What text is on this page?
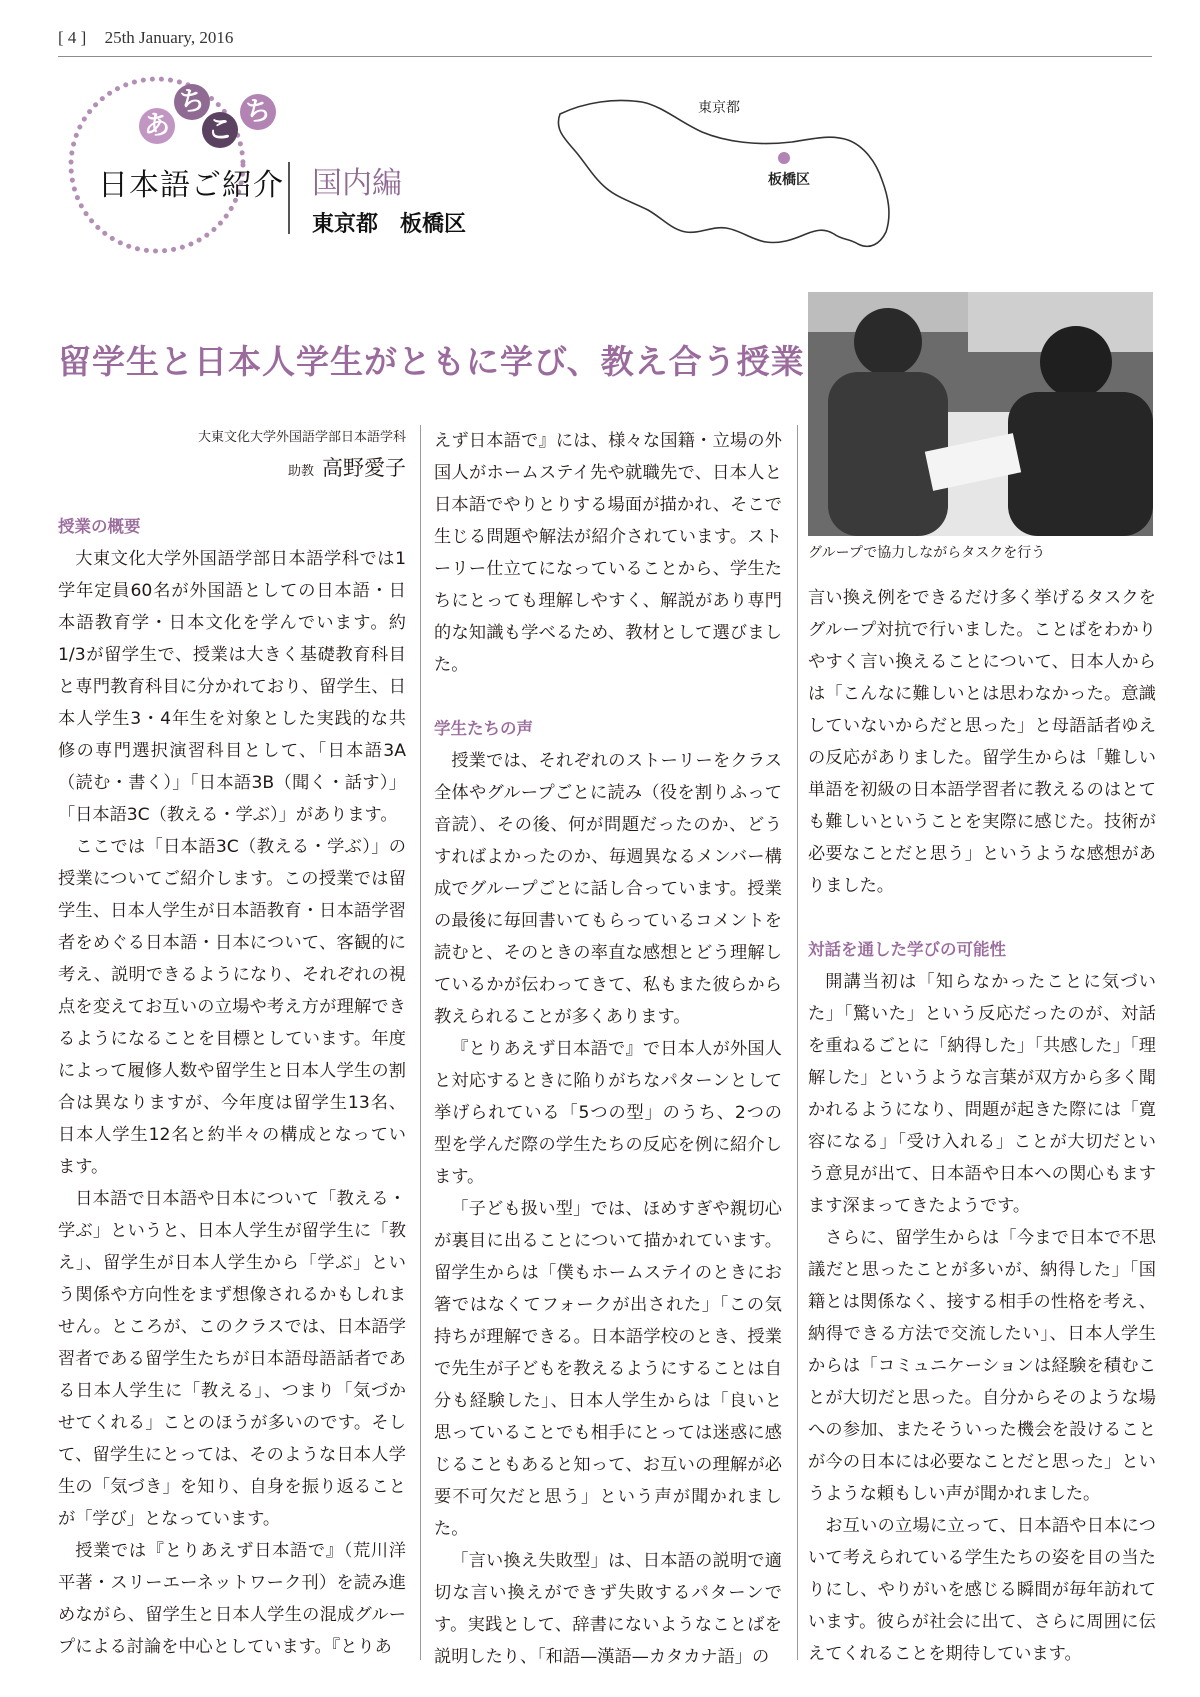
[ 4 ] 25th January, 2016
あ
ち
こ
ち
日本語ご紹介 国内編
東京都　板橋区
東京都
板橋区
留学生と日本人学生がともに学び、教え合う授業
グループで協力しながらタスクを行う
大東文化大学外国語学部日本語学科
助教 高野愛子
授業の概要

大東文化大学外国語学部日本語学科では1学年定員60名が外国語としての日本語・日本語教育学・日本文化を学んでいます。約1/3が留学生で、授業は大きく基礎教育科目と専門教育科目に分かれており、留学生、日本人学生3・4年生を対象とした実践的な共修の専門選択演習科目として、「日本語3A（読む・書く）」「日本語3B（聞く・話す）」「日本語3C（教える・学ぶ）」があります。

ここでは「日本語3C（教える・学ぶ）」の授業についてご紹介します。この授業では留学生、日本人学生が日本語教育・日本語学習者をめぐる日本語・日本について、客観的に考え、説明できるようになり、それぞれの視点を変えてお互いの立場や考え方が理解できるようになることを目標としています。年度によって履修人数や留学生と日本人学生の割合は異なりますが、今年度は留学生13名、日本人学生12名と約半々の構成となっています。

日本語で日本語や日本について「教える・学ぶ」というと、日本人学生が留学生に「教え」、留学生が日本人学生から「学ぶ」という関係や方向性をまず想像されるかもしれません。ところが、このクラスでは、日本語学習者である留学生たちが日本語母語話者である日本人学生に「教える」、つまり「気づかせてくれる」ことのほうが多いのです。そして、留学生にとっては、そのような日本人学生の「気づき」を知り、自身を振り返ることが「学び」となっています。

授業では『とりあえず日本語で』（荒川洋平著・スリーエーネットワーク刊）を読み進めながら、留学生と日本人学生の混成グループによる討論を中心としています。『とりあ

えず日本語で』には、様々な国籍・立場の外国人がホームステイ先や就職先で、日本人と日本語でやりとりする場面が描かれ、そこで生じる問題や解法が紹介されています。ストーリー仕立てになっていることから、学生たちにとっても理解しやすく、解説があり専門的な知識も学べるため、教材として選びました。

学生たちの声

授業では、それぞれのストーリーをクラス全体やグループごとに読み（役を割りふって音読）、その後、何が問題だったのか、どうすればよかったのか、毎週異なるメンバー構成でグループごとに話し合っています。授業の最後に毎回書いてもらっているコメントを読むと、そのときの率直な感想とどう理解しているかが伝わってきて、私もまた彼らから教えられることが多くあります。

『とりあえず日本語で』で日本人が外国人と対応するときに陥りがちなパターンとして挙げられている「5つの型」のうち、2つの型を学んだ際の学生たちの反応を例に紹介します。

「子ども扱い型」では、ほめすぎや親切心が裏目に出ることについて描かれています。留学生からは「僕もホームステイのときにお箸ではなくてフォークが出された」「この気持ちが理解できる。日本語学校のとき、授業で先生が子どもを教えるようにすることは自分も経験した」、日本人学生からは「良いと思っていることでも相手にとっては迷惑に感じることもあると知って、お互いの理解が必要不可欠だと思う」という声が聞かれました。

「言い換え失敗型」は、日本語の説明で適切な言い換えができず失敗するパターンです。実践として、辞書にないようなことばを説明したり、「和語—漢語—カタカナ語」の

言い換え例をできるだけ多く挙げるタスクをグループ対抗で行いました。ことばをわかりやすく言い換えることについて、日本人からは「こんなに難しいとは思わなかった。意識していないからだと思った」と母語話者ゆえの反応がありました。留学生からは「難しい単語を初級の日本語学習者に教えるのはとても難しいということを実際に感じた。技術が必要なことだと思う」というような感想がありました。

対話を通した学びの可能性

開講当初は「知らなかったことに気づいた」「驚いた」という反応だったのが、対話を重ねるごとに「納得した」「共感した」「理解した」というような言葉が双方から多く聞かれるようになり、問題が起きた際には「寛容になる」「受け入れる」ことが大切だという意見が出て、日本語や日本への関心もますます深まってきたようです。

さらに、留学生からは「今まで日本で不思議だと思ったことが多いが、納得した」「国籍とは関係なく、接する相手の性格を考え、納得できる方法で交流したい」、日本人学生からは「コミュニケーションは経験を積むことが大切だと思った。自分からそのような場への参加、またそういった機会を設けることが今の日本には必要なことだと思った」というような頼もしい声が聞かれました。

お互いの立場に立って、日本語や日本について考えられている学生たちの姿を目の当たりにし、やりがいを感じる瞬間が毎年訪れています。彼らが社会に出て、さらに周囲に伝えてくれることを期待しています。
